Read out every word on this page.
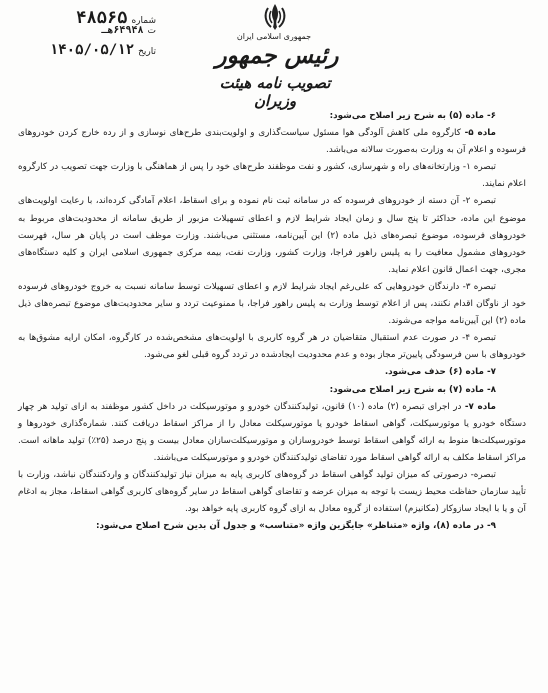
شماره
۴۸۵۶۵
ت
۶۴۹۴۸هـ
تاریخ
۱۴۰۵/۰۵/۱۲
جمهوری اسلامی ایران
رئیس جمهور
تصویب نامه هیئت وزیران

۶- ماده (۵) به شرح زیر اصلاح می‌شود:

ماده ۵- کارگروه ملی کاهش آلودگی هوا مسئول سیاست‌گذاری و اولویت‌بندی طرح‌های نوسازی و از رده خارج کردن خودروهای فرسوده و اعلام آن به وزارت به‌صورت سالانه می‌باشد.

تبصره ۱- وزارتخانه‌های راه و شهرسازی، کشور و نفت موظفند طرح‌های خود را پس از هماهنگی با وزارت جهت تصویب در کارگروه اعلام نمایند.

تبصره ۲- آن دسته از خودروهای فرسوده که در سامانه ثبت نام نموده و برای اسقاط، اعلام آمادگی کرده‌اند، با رعایت اولویت‌های موضوع این ماده، حداکثر تا پنج سال و زمان ایجاد شرایط لازم و اعطای تسهیلات مزبور از طریق سامانه از محدودیت‌های مربوط به خودروهای فرسوده، موضوع تبصره‌های ذیل ماده (۲) این آیین‌نامه، مستثنی می‌باشند. وزارت موظف است در پایان هر سال، فهرست خودروهای مشمول معافیت را به پلیس راهور فراجا، وزارت کشور، وزارت نفت، بیمه مرکزی جمهوری اسلامی ایران و کلیه دستگاه‌های مجری، جهت اعمال قانون اعلام نماید.

تبصره ۳- دارندگان خودروهایی که علی‌رغم ایجاد شرایط لازم و اعطای تسهیلات توسط سامانه نسبت به خروج خودروهای فرسوده خود از ناوگان اقدام نکنند، پس از اعلام توسط وزارت به پلیس راهور فراجا، با ممنوعیت تردد و سایر محدودیت‌های موضوع تبصره‌های ذیل ماده (۲) این آیین‌نامه مواجه می‌شوند.

تبصره ۴- در صورت عدم استقبال متقاضیان در هر گروه کاربری با اولویت‌های مشخص‌شده در کارگروه، امکان ارایه مشوق‌ها به خودروهای با سن فرسودگی پایین‌تر مجاز بوده و عدم محدودیت ایجادشده در تردد گروه قبلی لغو می‌شود.

۷- ماده (۶) حذف می‌شود.

۸- ماده (۷) به شرح زیر اصلاح می‌شود:

ماده ۷- در اجرای تبصره (۲) ماده (۱۰) قانون، تولیدکنندگان خودرو و موتورسیکلت در داخل کشور موظفند به ازای تولید هر چهار دستگاه خودرو یا موتورسیکلت، گواهی اسقاط خودرو یا موتورسیکلت معادل را از مراکز اسقاط دریافت کنند. شماره‌گذاری خودروها و موتورسیکلت‌ها منوط به ارائه گواهی اسقاط توسط خودروسازان و موتورسیکلت‌سازان معادل بیست و پنج درصد (۲۵٪) تولید ماهانه است. مراکز اسقاط مکلف به ارائه گواهی اسقاط مورد تقاضای تولیدکنندگان خودرو و موتورسیکلت می‌باشند.

تبصره- درصورتی که میزان تولید گواهی اسقاط در گروه‌های کاربری پایه به میزان نیاز تولیدکنندگان و واردکنندگان نباشد، وزارت با تأیید سازمان حفاظت محیط زیست با توجه به میزان عرضه و تقاضای گواهی اسقاط در سایر گروه‌های کاربری گواهی اسقاط، مجاز به ادغام آن و یا با ایجاد سازوکار (مکانیزم) استفاده از گروه معادل به ازای گروه کاربری پایه خواهد بود.

۹- در ماده (۸)، واژه «متناظر» جایگزین واژه «متناسب» و جدول آن بدین شرح اصلاح می‌شود:
